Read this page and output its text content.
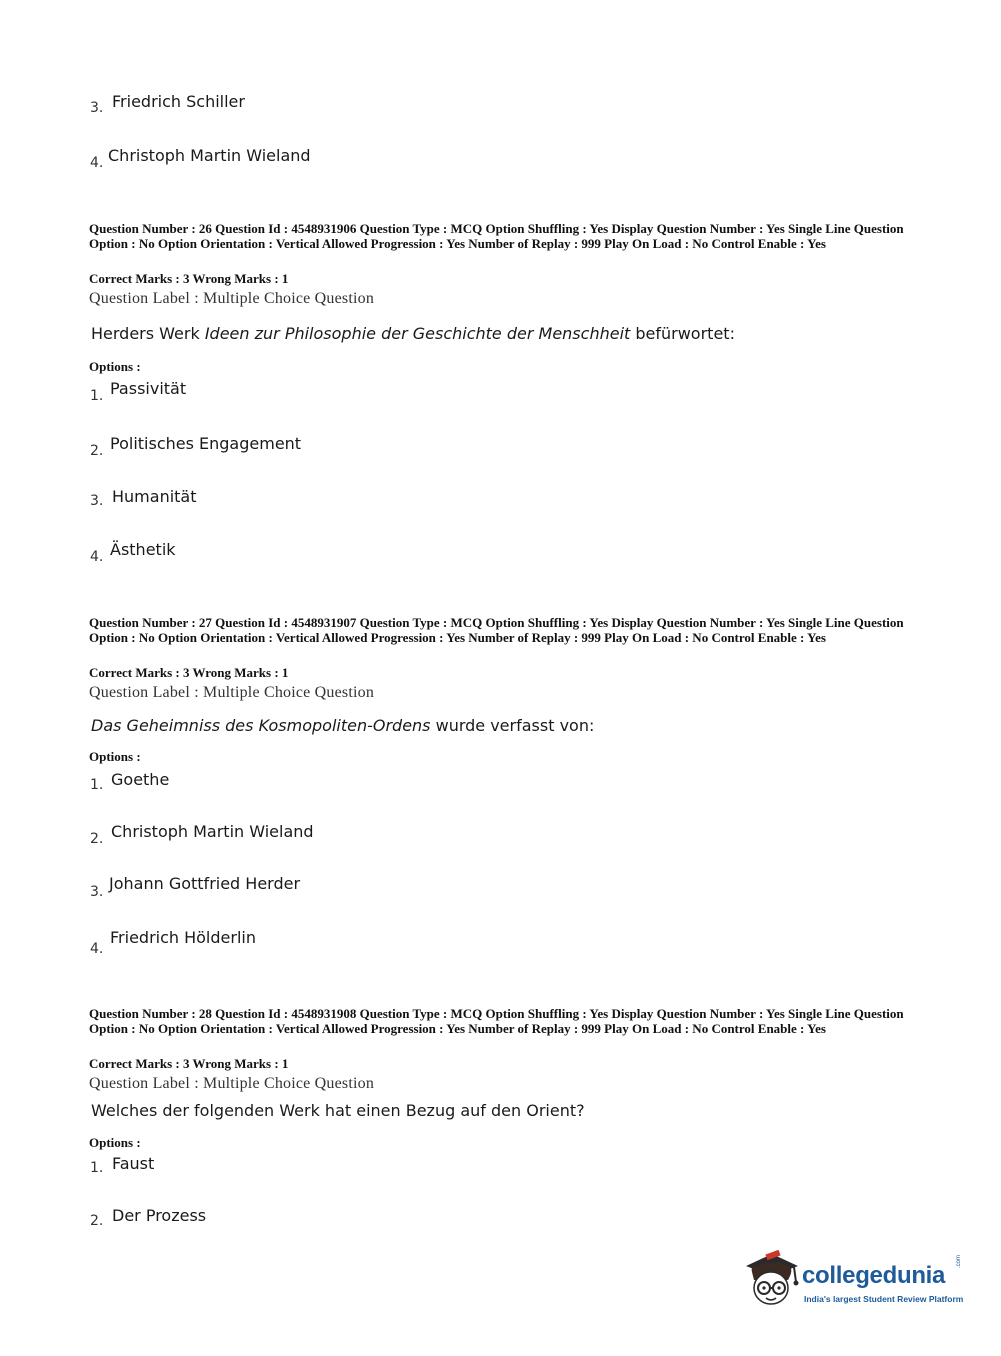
3. Friedrich Schiller
4. Christoph Martin Wieland
Question Number : 26 Question Id : 4548931906 Question Type : MCQ Option Shuffling : Yes Display Question Number : Yes Single Line Question Option : No Option Orientation : Vertical Allowed Progression : Yes Number of Replay : 999 Play On Load : No Control Enable : Yes
Correct Marks : 3 Wrong Marks : 1
Question Label : Multiple Choice Question
Herders Werk Ideen zur Philosophie der Geschichte der Menschheit befürwortet:
Options :
1. Passivität
2. Politisches Engagement
3. Humanität
4. Ästhetik
Question Number : 27 Question Id : 4548931907 Question Type : MCQ Option Shuffling : Yes Display Question Number : Yes Single Line Question Option : No Option Orientation : Vertical Allowed Progression : Yes Number of Replay : 999 Play On Load : No Control Enable : Yes
Correct Marks : 3 Wrong Marks : 1
Question Label : Multiple Choice Question
Das Geheimniss des Kosmopoliten-Ordens wurde verfasst von:
Options :
1. Goethe
2. Christoph Martin Wieland
3. Johann Gottfried Herder
4.
Friedrich Hölderlin
Question Number : 28 Question Id : 4548931908 Question Type : MCQ Option Shuffling : Yes Display Question Number : Yes Single Line Question Option : No Option Orientation : Vertical Allowed Progression : Yes Number of Replay : 999 Play On Load : No Control Enable : Yes
Correct Marks : 3 Wrong Marks : 1
Question Label : Multiple Choice Question
Welches der folgenden Werk hat einen Bezug auf den Orient?
Options :
1. Faust
2. Der Prozess
collegedunia
.com
India's largest Student Review Platform
